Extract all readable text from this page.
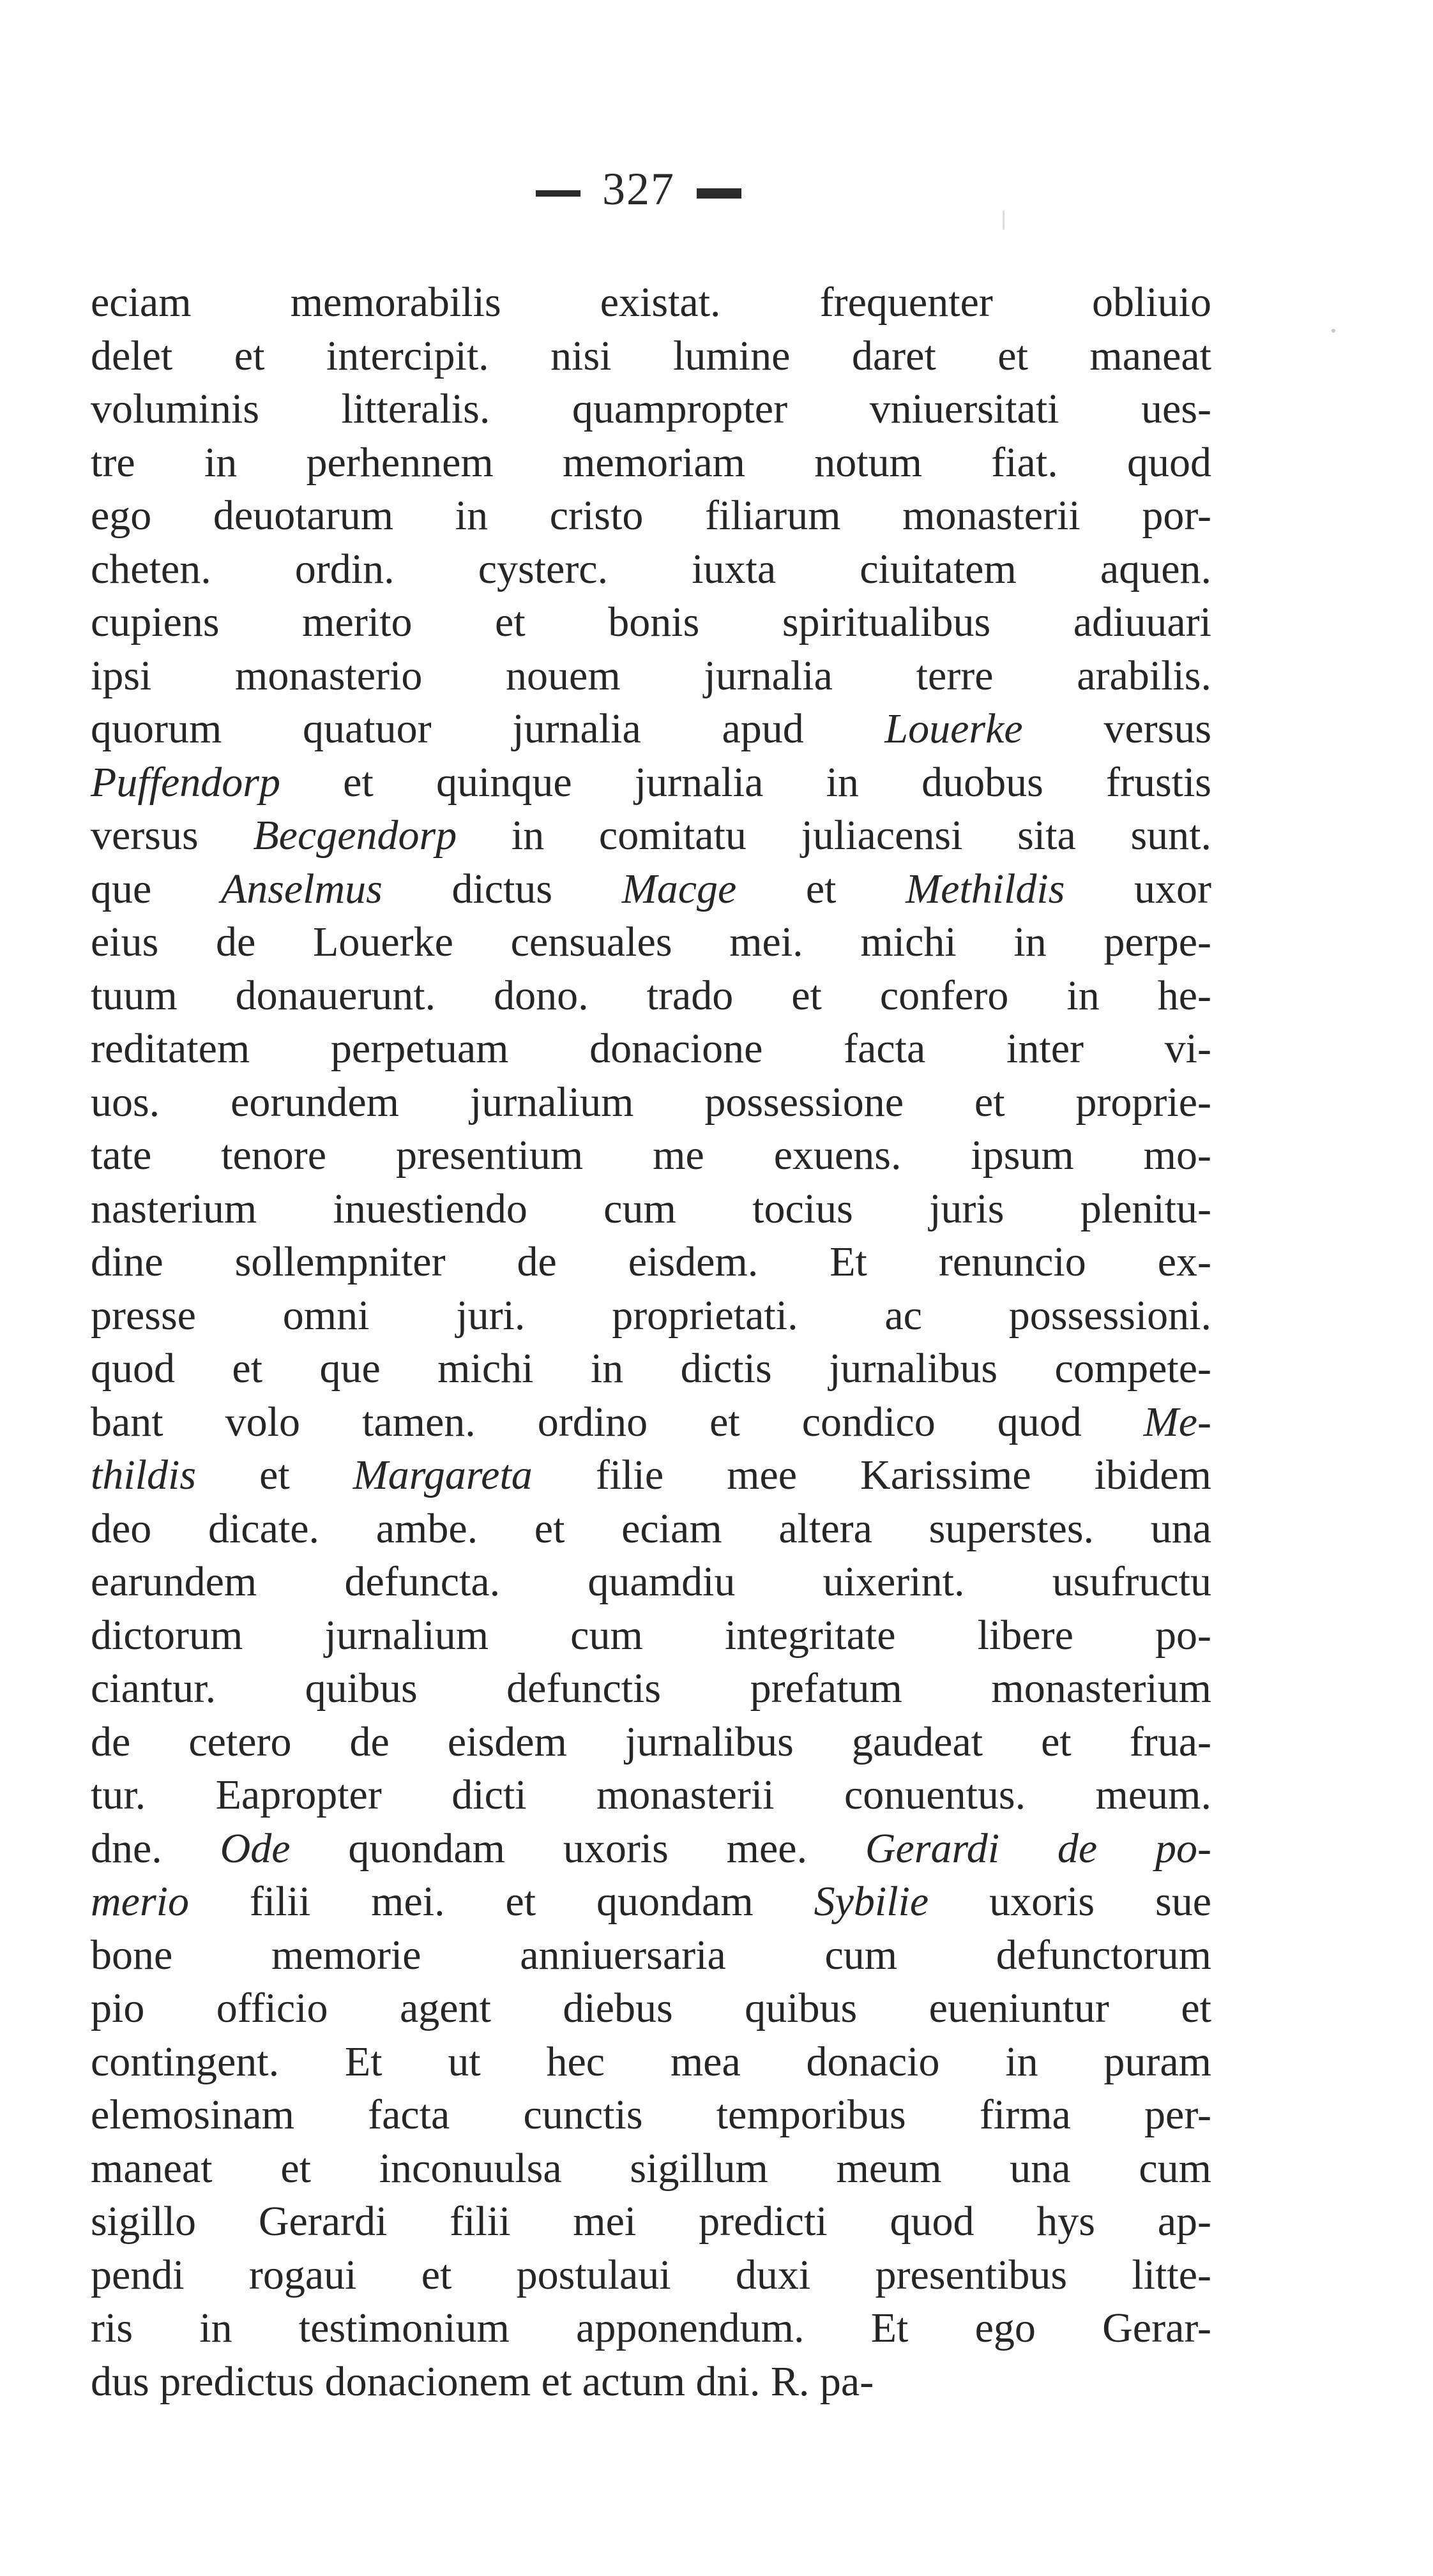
327
eciam memorabilis existat. frequenter obliuio
delet et intercipit. nisi lumine daret et maneat
voluminis litteralis. quampropter vniuersitati ues-
tre in perhennem memoriam notum fiat. quod
ego deuotarum in cristo filiarum monasterii por-
cheten. ordin. cysterc. iuxta ciuitatem aquen.
cupiens merito et bonis spiritualibus adiuuari
ipsi monasterio nouem jurnalia terre arabilis.
quorum quatuor jurnalia apud Louerke versus
Puffendorp et quinque jurnalia in duobus frustis
versus Becgendorp in comitatu juliacensi sita sunt.
que Anselmus dictus Macge et Methildis uxor
eius de Louerke censuales mei. michi in perpe-
tuum donauerunt. dono. trado et confero in he-
reditatem perpetuam donacione facta inter vi-
uos. eorundem jurnalium possessione et proprie-
tate tenore presentium me exuens. ipsum mo-
nasterium inuestiendo cum tocius juris plenitu-
dine sollempniter de eisdem. Et renuncio ex-
presse omni juri. proprietati. ac possessioni.
quod et que michi in dictis jurnalibus compete-
bant volo tamen. ordino et condico quod Me-
thildis et Margareta filie mee Karissime ibidem
deo dicate. ambe. et eciam altera superstes. una
earundem defuncta. quamdiu uixerint. usufructu
dictorum jurnalium cum integritate libere po-
ciantur. quibus defunctis prefatum monasterium
de cetero de eisdem jurnalibus gaudeat et frua-
tur. Eapropter dicti monasterii conuentus. meum.
dne. Ode quondam uxoris mee. Gerardi de po-
merio filii mei. et quondam Sybilie uxoris sue
bone memorie anniuersaria cum defunctorum
pio officio agent diebus quibus eueniuntur et
contingent. Et ut hec mea donacio in puram
elemosinam facta cunctis temporibus firma per-
maneat et inconuulsa sigillum meum una cum
sigillo Gerardi filii mei predicti quod hys ap-
pendi rogaui et postulaui duxi presentibus litte-
ris in testimonium apponendum. Et ego Gerar-
dus predictus donacionem et actum dni. R. pa-
